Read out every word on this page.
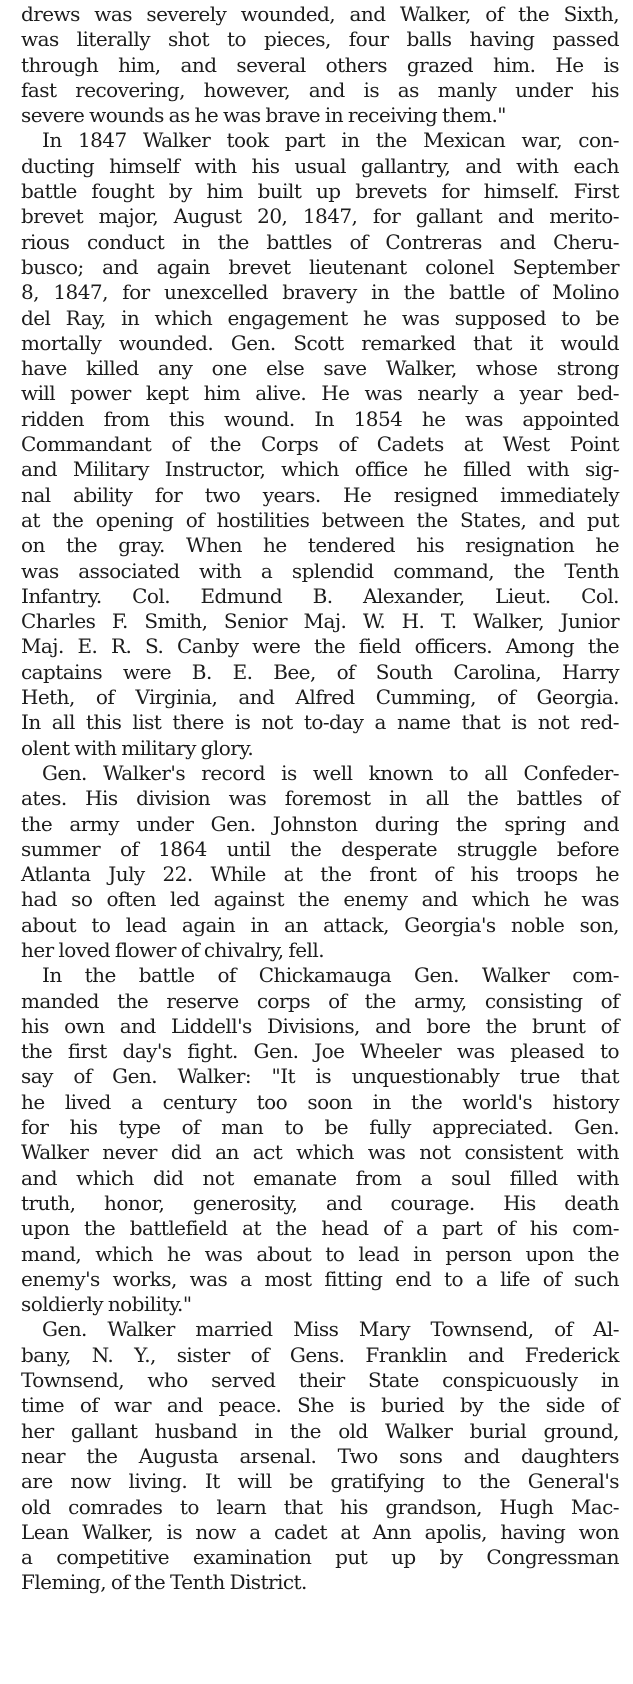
drews was severely wounded, and Walker, of the Sixth,
was literally shot to pieces, four balls having passed
through him, and several others grazed him. He is
fast recovering, however, and is as manly under his
severe wounds as he was brave in receiving them."
In 1847 Walker took part in the Mexican war, con-
ducting himself with his usual gallantry, and with each
battle fought by him built up brevets for himself. First
brevet major, August 20, 1847, for gallant and merito-
rious conduct in the battles of Contreras and Cheru-
busco; and again brevet lieutenant colonel September
8, 1847, for unexcelled bravery in the battle of Molino
del Ray, in which engagement he was supposed to be
mortally wounded. Gen. Scott remarked that it would
have killed any one else save Walker, whose strong
will power kept him alive. He was nearly a year bed-
ridden from this wound. In 1854 he was appointed
Commandant of the Corps of Cadets at West Point
and Military Instructor, which office he filled with sig-
nal ability for two years. He resigned immediately
at the opening of hostilities between the States, and put
on the gray. When he tendered his resignation he
was associated with a splendid command, the Tenth
Infantry. Col. Edmund B. Alexander, Lieut. Col.
Charles F. Smith, Senior Maj. W. H. T. Walker, Junior
Maj. E. R. S. Canby were the field officers. Among the
captains were B. E. Bee, of South Carolina, Harry
Heth, of Virginia, and Alfred Cumming, of Georgia.
In all this list there is not to-day a name that is not red-
olent with military glory.
Gen. Walker's record is well known to all Confeder-
ates. His division was foremost in all the battles of
the army under Gen. Johnston during the spring and
summer of 1864 until the desperate struggle before
Atlanta July 22. While at the front of his troops he
had so often led against the enemy and which he was
about to lead again in an attack, Georgia's noble son,
her loved flower of chivalry, fell.
In the battle of Chickamauga Gen. Walker com-
manded the reserve corps of the army, consisting of
his own and Liddell's Divisions, and bore the brunt of
the first day's fight. Gen. Joe Wheeler was pleased to
say of Gen. Walker: "It is unquestionably true that
he lived a century too soon in the world's history
for his type of man to be fully appreciated. Gen.
Walker never did an act which was not consistent with
and which did not emanate from a soul filled with
truth, honor, generosity, and courage. His death
upon the battlefield at the head of a part of his com-
mand, which he was about to lead in person upon the
enemy's works, was a most fitting end to a life of such
soldierly nobility."
Gen. Walker married Miss Mary Townsend, of Al-
bany, N. Y., sister of Gens. Franklin and Frederick
Townsend, who served their State conspicuously in
time of war and peace. She is buried by the side of
her gallant husband in the old Walker burial ground,
near the Augusta arsenal. Two sons and daughters
are now living. It will be gratifying to the General's
old comrades to learn that his grandson, Hugh Mac-
Lean Walker, is now a cadet at Ann apolis, having won
a competitive examination put up by Congressman
Fleming, of the Tenth District.
